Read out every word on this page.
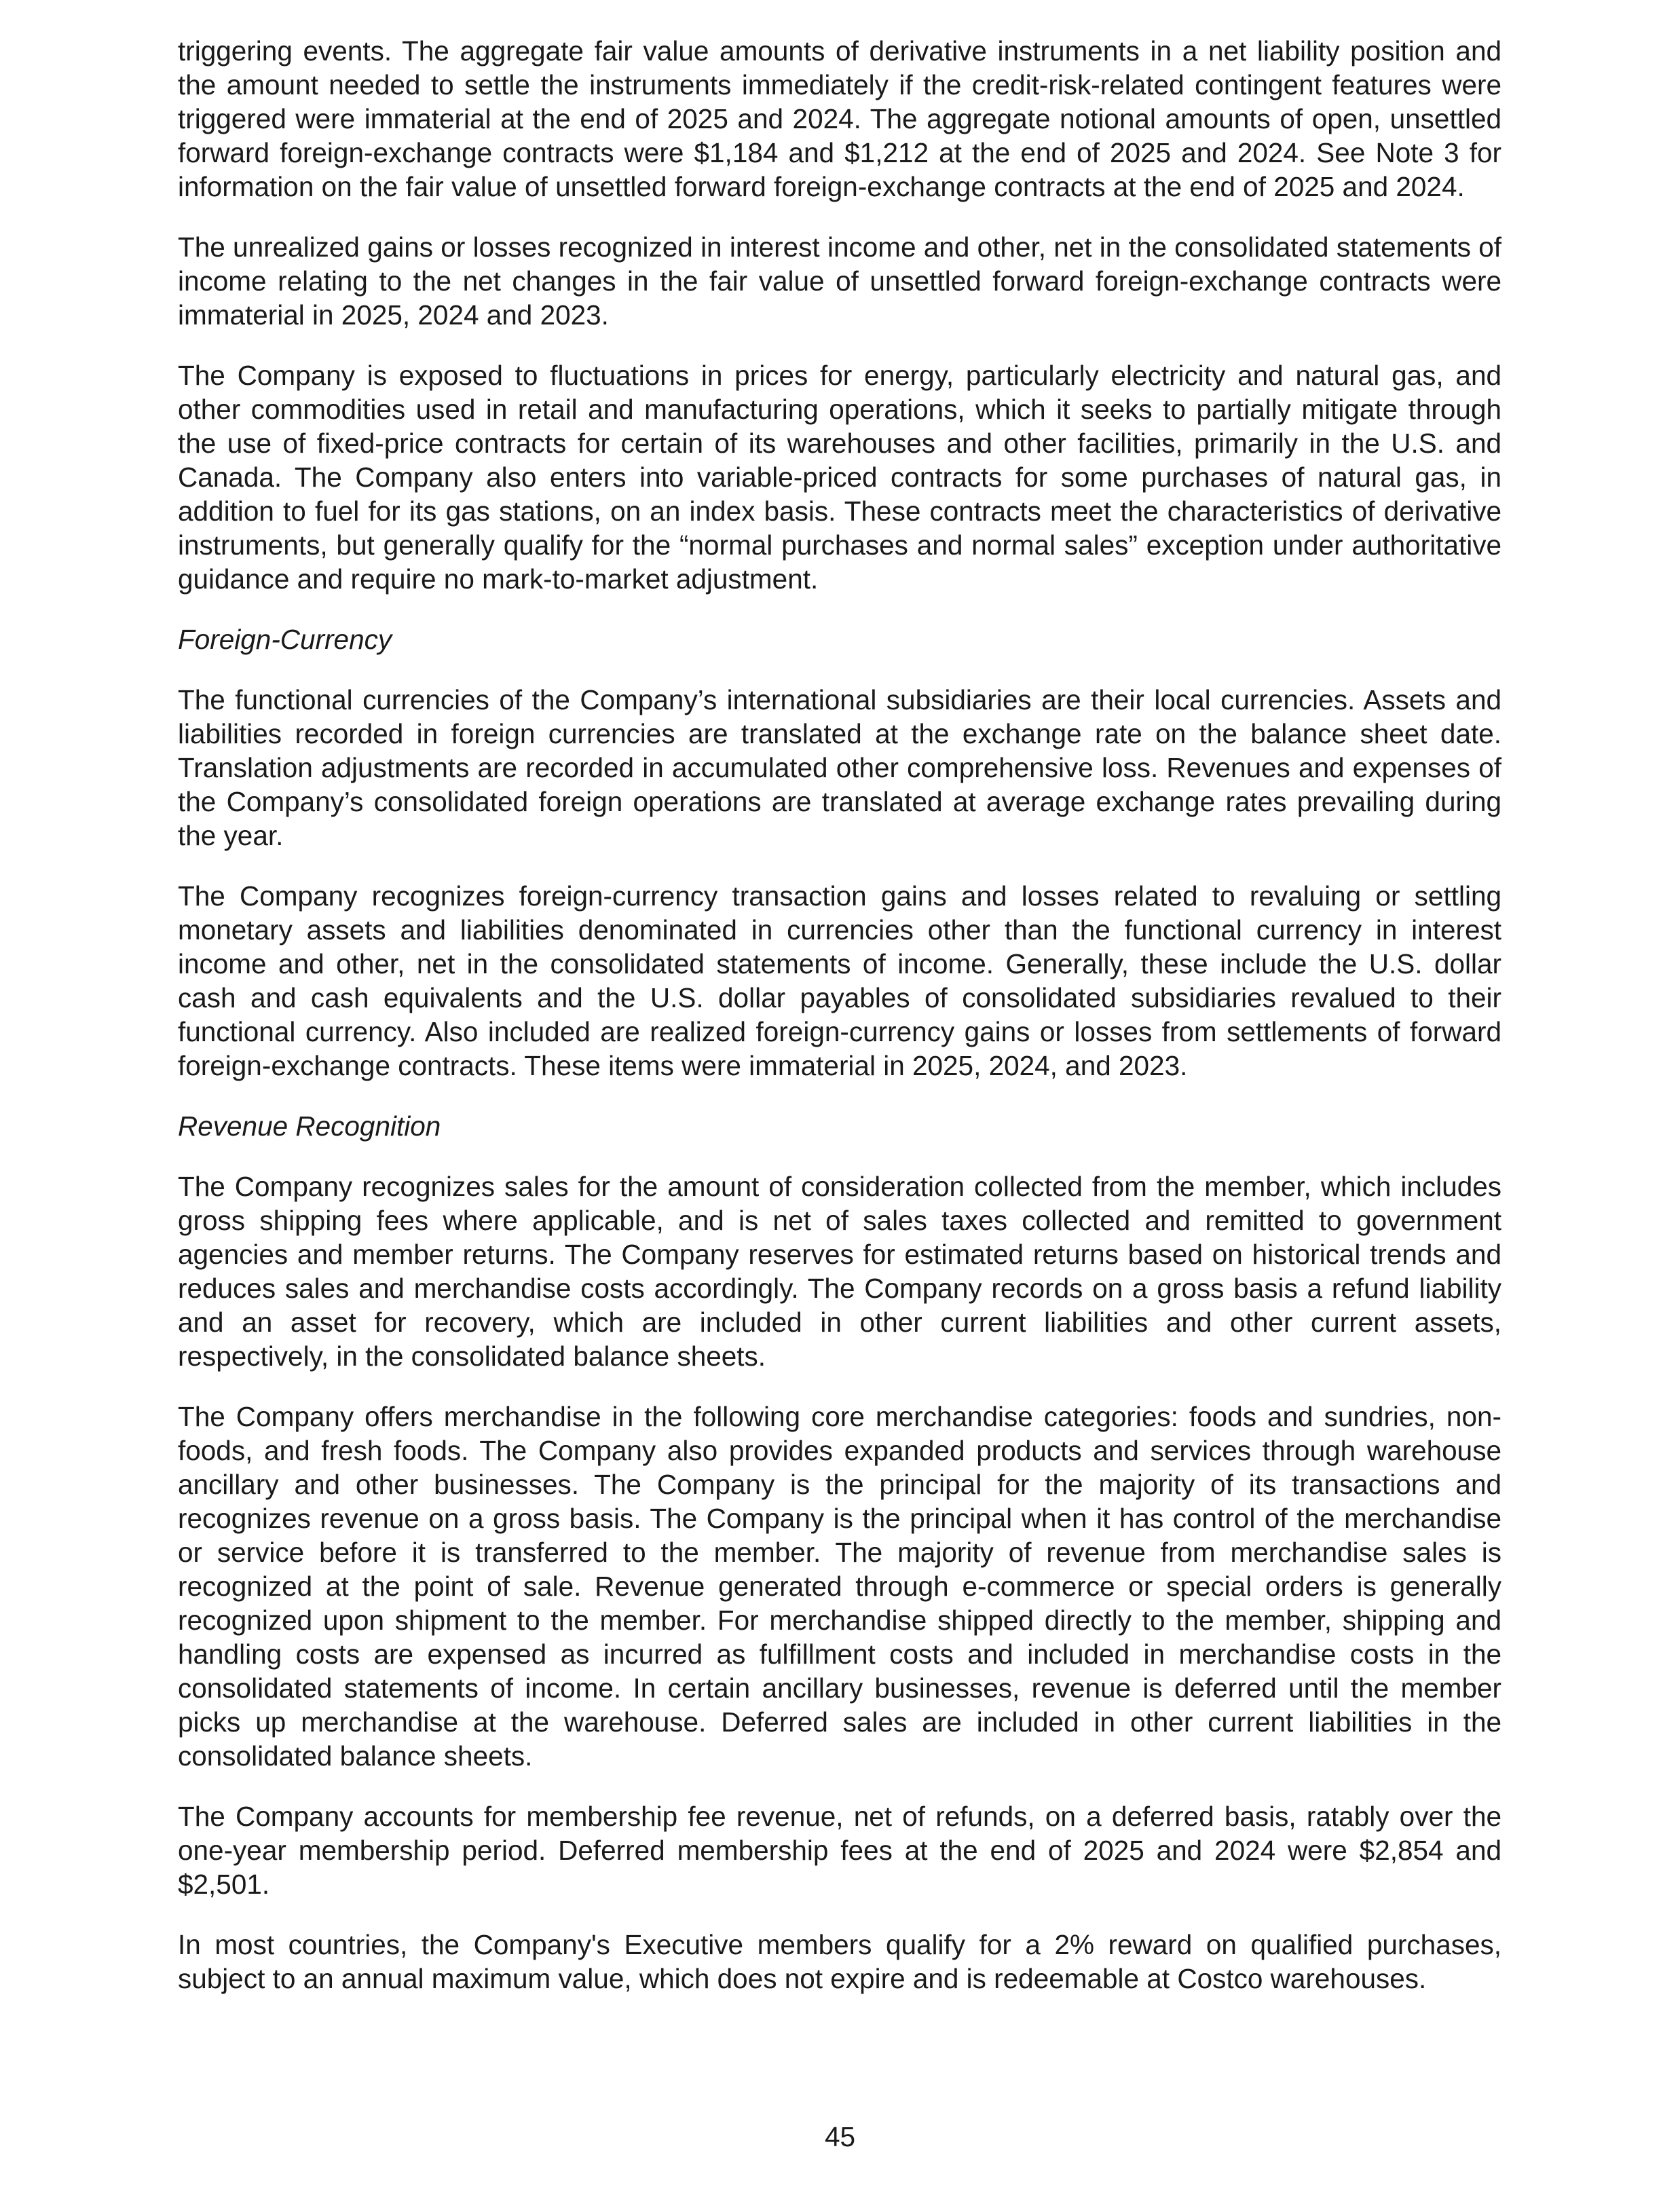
triggering events. The aggregate fair value amounts of derivative instruments in a net liability position and the amount needed to settle the instruments immediately if the credit-risk-related contingent features were triggered were immaterial at the end of 2025 and 2024. The aggregate notional amounts of open, unsettled forward foreign-exchange contracts were $1,184 and $1,212 at the end of 2025 and 2024. See Note 3 for information on the fair value of unsettled forward foreign-exchange contracts at the end of 2025 and 2024.

The unrealized gains or losses recognized in interest income and other, net in the consolidated statements of income relating to the net changes in the fair value of unsettled forward foreign-exchange contracts were immaterial in 2025, 2024 and 2023.

The Company is exposed to fluctuations in prices for energy, particularly electricity and natural gas, and other commodities used in retail and manufacturing operations, which it seeks to partially mitigate through the use of fixed-price contracts for certain of its warehouses and other facilities, primarily in the U.S. and Canada. The Company also enters into variable-priced contracts for some purchases of natural gas, in addition to fuel for its gas stations, on an index basis. These contracts meet the characteristics of derivative instruments, but generally qualify for the “normal purchases and normal sales” exception under authoritative guidance and require no mark-to-market adjustment.

Foreign-Currency

The functional currencies of the Company’s international subsidiaries are their local currencies. Assets and liabilities recorded in foreign currencies are translated at the exchange rate on the balance sheet date. Translation adjustments are recorded in accumulated other comprehensive loss. Revenues and expenses of the Company’s consolidated foreign operations are translated at average exchange rates prevailing during the year.

The Company recognizes foreign-currency transaction gains and losses related to revaluing or settling monetary assets and liabilities denominated in currencies other than the functional currency in interest income and other, net in the consolidated statements of income. Generally, these include the U.S. dollar cash and cash equivalents and the U.S. dollar payables of consolidated subsidiaries revalued to their functional currency. Also included are realized foreign-currency gains or losses from settlements of forward foreign-exchange contracts. These items were immaterial in 2025, 2024, and 2023.

Revenue Recognition

The Company recognizes sales for the amount of consideration collected from the member, which includes gross shipping fees where applicable, and is net of sales taxes collected and remitted to government agencies and member returns. The Company reserves for estimated returns based on historical trends and reduces sales and merchandise costs accordingly. The Company records on a gross basis a refund liability and an asset for recovery, which are included in other current liabilities and other current assets, respectively, in the consolidated balance sheets.

The Company offers merchandise in the following core merchandise categories: foods and sundries, non-foods, and fresh foods. The Company also provides expanded products and services through warehouse ancillary and other businesses. The Company is the principal for the majority of its transactions and recognizes revenue on a gross basis. The Company is the principal when it has control of the merchandise or service before it is transferred to the member. The majority of revenue from merchandise sales is recognized at the point of sale. Revenue generated through e-commerce or special orders is generally recognized upon shipment to the member. For merchandise shipped directly to the member, shipping and handling costs are expensed as incurred as fulfillment costs and included in merchandise costs in the consolidated statements of income. In certain ancillary businesses, revenue is deferred until the member picks up merchandise at the warehouse. Deferred sales are included in other current liabilities in the consolidated balance sheets.

The Company accounts for membership fee revenue, net of refunds, on a deferred basis, ratably over the one-year membership period. Deferred membership fees at the end of 2025 and 2024 were $2,854 and $2,501.

In most countries, the Company's Executive members qualify for a 2% reward on qualified purchases, subject to an annual maximum value, which does not expire and is redeemable at Costco warehouses.

45
